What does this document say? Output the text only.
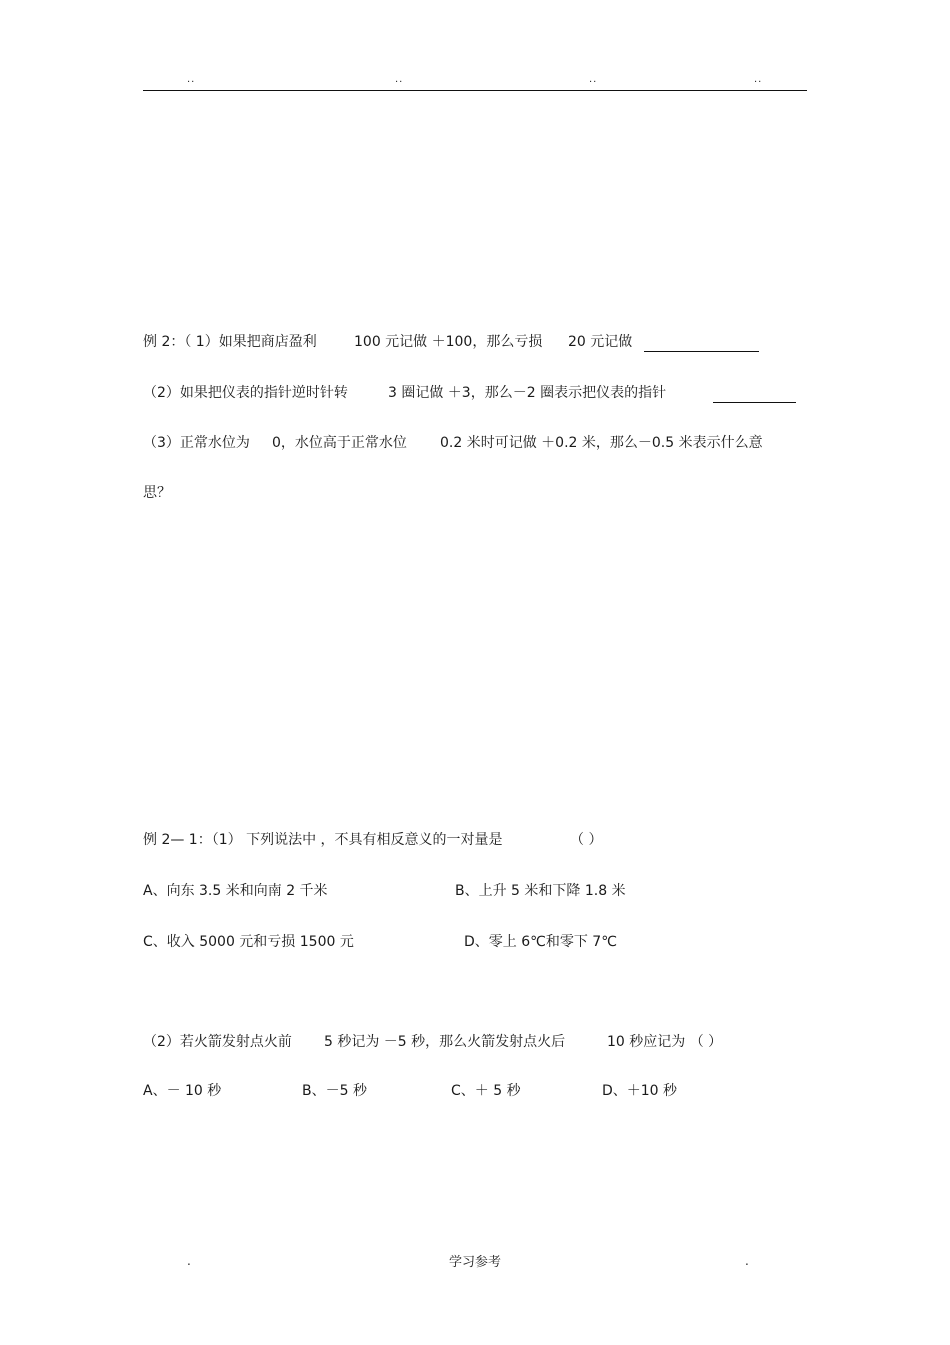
..	..	..	..
例 2：（ 1）如果把商店盈利	100 元记做 ＋100，那么亏损 20 元记做
（2）如果把仪表的指针逆时针转	3 圈记做 ＋3，那么－2 圈表示把仪表的指针
（3）正常水位为 0，水位高于正常水位 0.2 米时可记做 ＋0.2 米，那么－0.5 米表示什么意
思？
例 2— 1：（1） 下列说法中 ，不具有相反意义的一对量是	（ ）
A、向东 3.5 米和向南 2 千米	B、上升 5 米和下降 1.8 米
C、收入 5000 元和亏损 1500 元	D、零上 6℃和零下 7℃
（2）若火箭发射点火前 5 秒记为 －5 秒，那么火箭发射点火后	10 秒应记为 （ ）
A、－ 10 秒	B、－5 秒	C、＋ 5 秒	D、＋10 秒
.	学习参考	.
